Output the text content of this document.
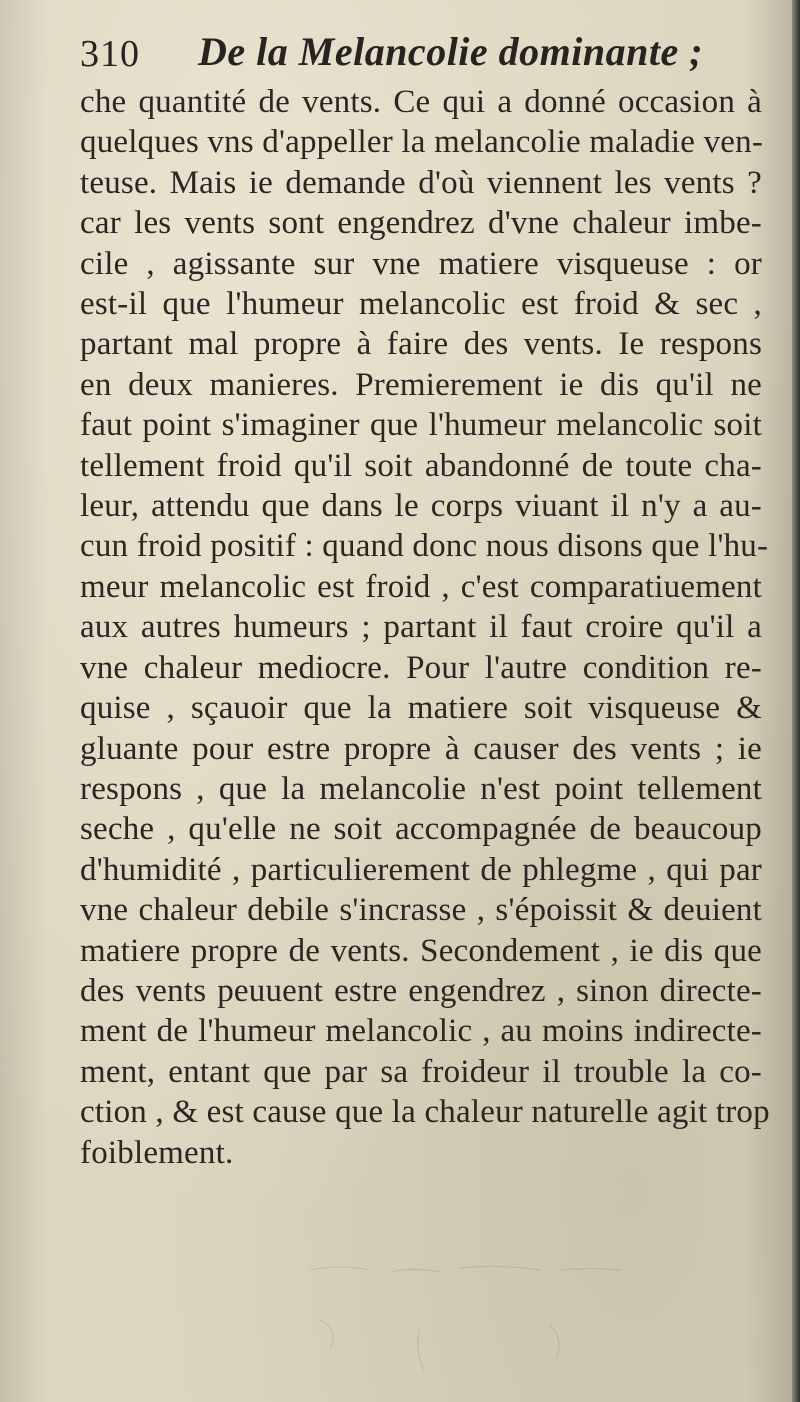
310 De la Melancolie dominante ;
che quantité de vents. Ce qui a donné occasion à
quelques vns d'appeller la melancolie maladie ven-
teuse. Mais ie demande d'où viennent les vents ?
car les vents sont engendrez d'vne chaleur imbe-
cile , agissante sur vne matiere visqueuse : or
est-il que l'humeur melancolic est froid & sec ,
partant mal propre à faire des vents. Ie respons
en deux manieres. Premierement ie dis qu'il ne
faut point s'imaginer que l'humeur melancolic soit
tellement froid qu'il soit abandonné de toute cha-
leur, attendu que dans le corps viuant il n'y a au-
cun froid positif : quand donc nous disons que l'hu-
meur melancolic est froid , c'est comparatiuement
aux autres humeurs ; partant il faut croire qu'il a
vne chaleur mediocre. Pour l'autre condition re-
quise , sçauoir que la matiere soit visqueuse &
gluante pour estre propre à causer des vents ; ie
respons , que la melancolie n'est point tellement
seche , qu'elle ne soit accompagnée de beaucoup
d'humidité , particulierement de phlegme , qui par
vne chaleur debile s'incrasse , s'époissit & deuient
matiere propre de vents. Secondement , ie dis que
des vents peuuent estre engendrez , sinon directe-
ment de l'humeur melancolic , au moins indirecte-
ment, entant que par sa froideur il trouble la co-
ction , & est cause que la chaleur naturelle agit trop
foiblement.
